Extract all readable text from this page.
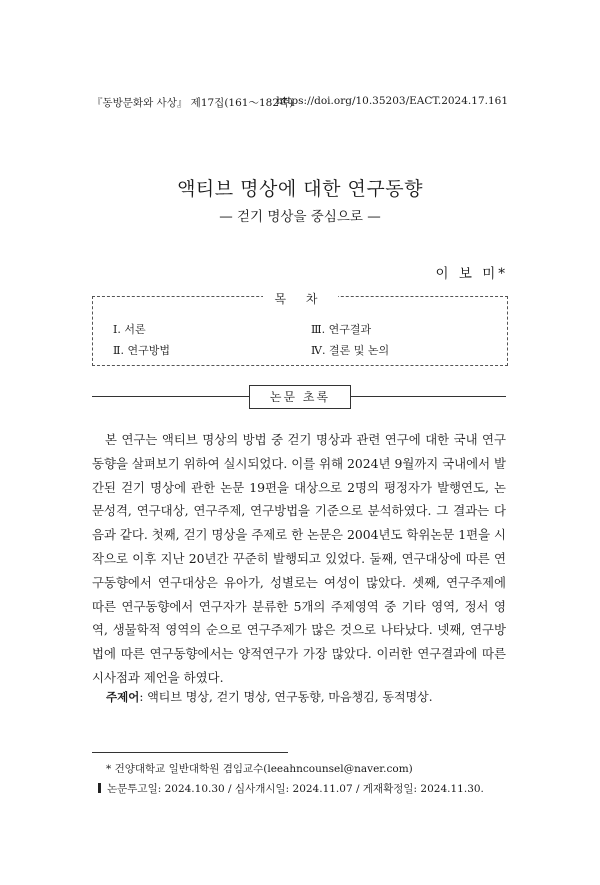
『동방문화와 사상』 제17집(161～182쪽)
https://doi.org/10.35203/EACT.2024.17.161
액티브 명상에 대한 연구동향
— 걷기 명상을 중심으로 —
이 보 미*
목 차
Ⅰ. 서론	Ⅲ. 연구결과
Ⅱ. 연구방법	Ⅳ. 결론 및 논의
논문 초록

본 연구는 액티브 명상의 방법 중 걷기 명상과 관련 연구에 대한 국내 연구동향을 살펴보기 위하여 실시되었다. 이를 위해 2024년 9월까지 국내에서 발간된 걷기 명상에 관한 논문 19편을 대상으로 2명의 평정자가 발행연도, 논문성격, 연구대상, 연구주제, 연구방법을 기준으로 분석하였다. 그 결과는 다음과 같다. 첫째, 걷기 명상을 주제로 한 논문은 2004년도 학위논문 1편을 시작으로 이후 지난 20년간 꾸준히 발행되고 있었다. 둘째, 연구대상에 따른 연구동향에서 연구대상은 유아가, 성별로는 여성이 많았다. 셋째, 연구주제에 따른 연구동향에서 연구자가 분류한 5개의 주제영역 중 기타 영역, 정서 영역, 생물학적 영역의 순으로 연구주제가 많은 것으로 나타났다. 넷째, 연구방법에 따른 연구동향에서는 양적연구가 가장 많았다. 이러한 연구결과에 따른 시사점과 제언을 하였다.

주제어: 액티브 명상, 걷기 명상, 연구동향, 마음챙김, 동적명상.
* 건양대학교 일반대학원 겸임교수(leeahncounsel@naver.com)
논문투고일: 2024.10.30 / 심사개시일: 2024.11.07 / 게재확정일: 2024.11.30.
